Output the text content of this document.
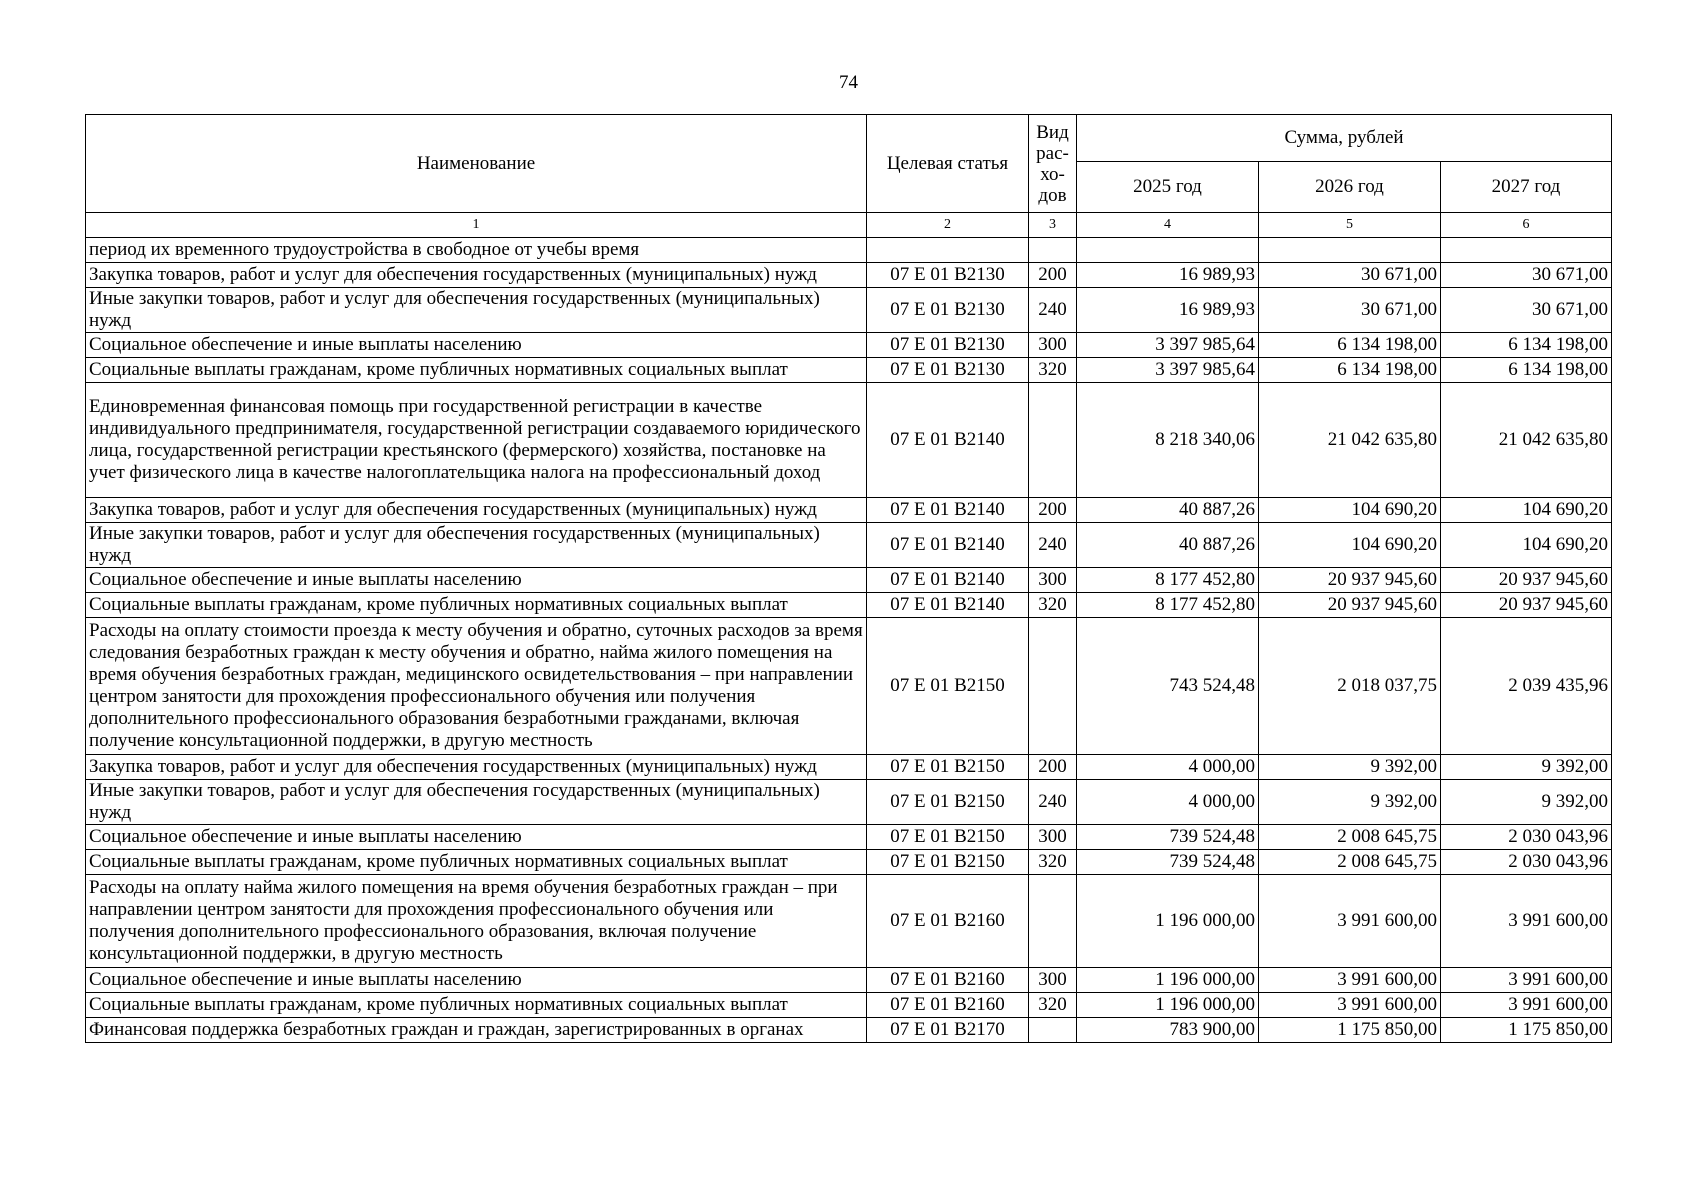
74
Наименование	Целевая статья	Вид
рас-
хо-
дов	Сумма, рублей		
			2025 год	2026 год	2027 год
1	2	3	4	5	6
период их временного трудоустройства в свободное от учебы время					
Закупка товаров, работ и услуг для обеспечения государственных (муниципальных) нужд	07 Е 01 В2130	200	16 989,93	30 671,00	30 671,00
Иные закупки товаров, работ и услуг для обеспечения государственных (муниципальных) нужд	07 Е 01 В2130	240	16 989,93	30 671,00	30 671,00
Социальное обеспечение и иные выплаты населению	07 Е 01 В2130	300	3 397 985,64	6 134 198,00	6 134 198,00
Социальные выплаты гражданам, кроме публичных нормативных социальных выплат	07 Е 01 В2130	320	3 397 985,64	6 134 198,00	6 134 198,00
Единовременная финансовая помощь при государственной регистрации в качестве индивидуального предпринимателя, государственной регистрации создаваемого юридического лица, государственной регистрации крестьянского (фермерского) хозяйства, постановке на учет физического лица в качестве налогоплательщика налога на профессиональный доход	07 Е 01 В2140		8 218 340,06	21 042 635,80	21 042 635,80
Закупка товаров, работ и услуг для обеспечения государственных (муниципальных) нужд	07 Е 01 В2140	200	40 887,26	104 690,20	104 690,20
Иные закупки товаров, работ и услуг для обеспечения государственных (муниципальных) нужд	07 Е 01 В2140	240	40 887,26	104 690,20	104 690,20
Социальное обеспечение и иные выплаты населению	07 Е 01 В2140	300	8 177 452,80	20 937 945,60	20 937 945,60
Социальные выплаты гражданам, кроме публичных нормативных социальных выплат	07 Е 01 В2140	320	8 177 452,80	20 937 945,60	20 937 945,60
Расходы на оплату стоимости проезда к месту обучения и обратно, суточных расходов за время следования безработных граждан к месту обучения и обратно, найма жилого помещения на время обучения безработных граждан, медицинского освидетельствования – при направлении центром занятости для прохождения профессионального обучения или получения дополнительного профессионального образования безработными гражданами, включая получение консультационной поддержки, в другую местность	07 Е 01 В2150		743 524,48	2 018 037,75	2 039 435,96
Закупка товаров, работ и услуг для обеспечения государственных (муниципальных) нужд	07 Е 01 В2150	200	4 000,00	9 392,00	9 392,00
Иные закупки товаров, работ и услуг для обеспечения государственных (муниципальных) нужд	07 Е 01 В2150	240	4 000,00	9 392,00	9 392,00
Социальное обеспечение и иные выплаты населению	07 Е 01 В2150	300	739 524,48	2 008 645,75	2 030 043,96
Социальные выплаты гражданам, кроме публичных нормативных социальных выплат	07 Е 01 В2150	320	739 524,48	2 008 645,75	2 030 043,96
Расходы на оплату найма жилого помещения на время обучения безработных граждан – при направлении центром занятости для прохождения профессионального обучения или получения дополнительного профессионального образования, включая получение консультационной поддержки, в другую местность	07 Е 01 В2160		1 196 000,00	3 991 600,00	3 991 600,00
Социальное обеспечение и иные выплаты населению	07 Е 01 В2160	300	1 196 000,00	3 991 600,00	3 991 600,00
Социальные выплаты гражданам, кроме публичных нормативных социальных выплат	07 Е 01 В2160	320	1 196 000,00	3 991 600,00	3 991 600,00
Финансовая поддержка безработных граждан и граждан, зарегистрированных в органах	07 Е 01 В2170		783 900,00	1 175 850,00	1 175 850,00
